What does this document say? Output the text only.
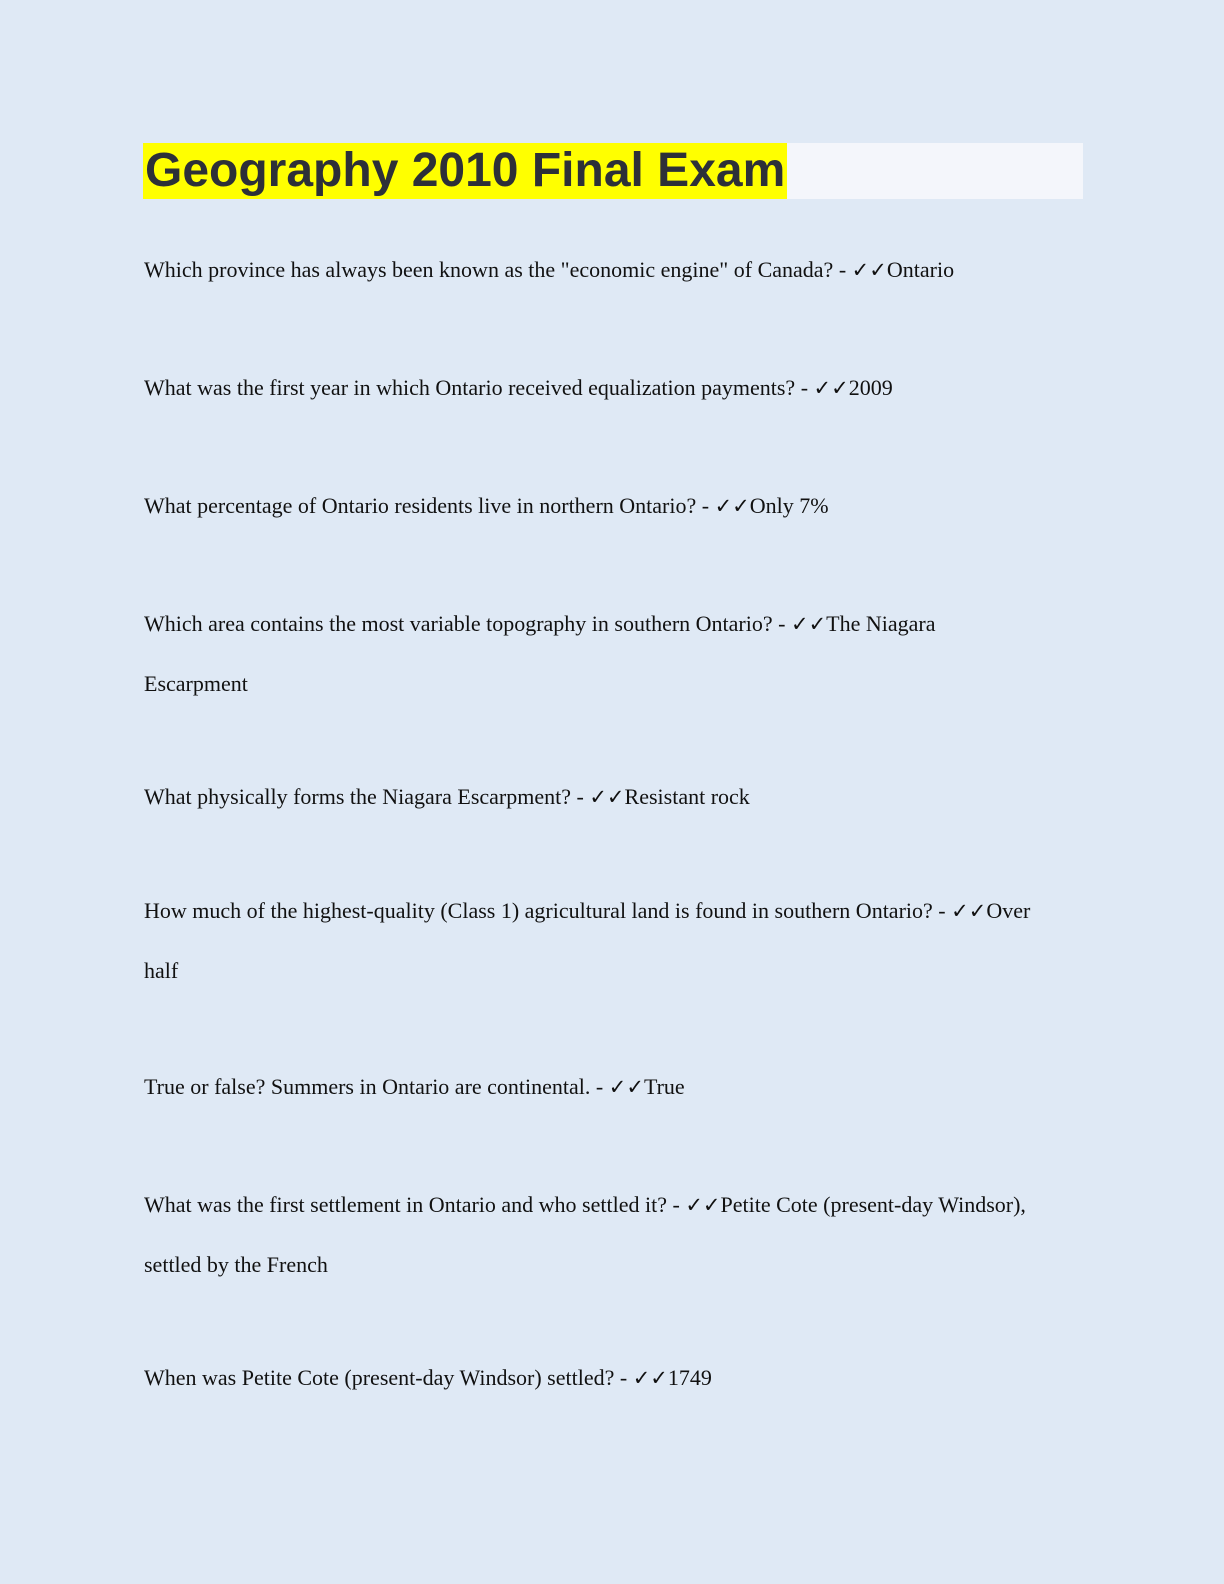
Geography 2010 Final Exam

Which province has always been known as the "economic engine" of Canada? - ✓✓Ontario

What was the first year in which Ontario received equalization payments? - ✓✓2009

What percentage of Ontario residents live in northern Ontario? - ✓✓Only 7%

Which area contains the most variable topography in southern Ontario? - ✓✓The Niagara Escarpment

What physically forms the Niagara Escarpment? - ✓✓Resistant rock

How much of the highest-quality (Class 1) agricultural land is found in southern Ontario? - ✓✓Over half

True or false? Summers in Ontario are continental. - ✓✓True

What was the first settlement in Ontario and who settled it? - ✓✓Petite Cote (present-day Windsor), settled by the French

When was Petite Cote (present-day Windsor) settled? - ✓✓1749
